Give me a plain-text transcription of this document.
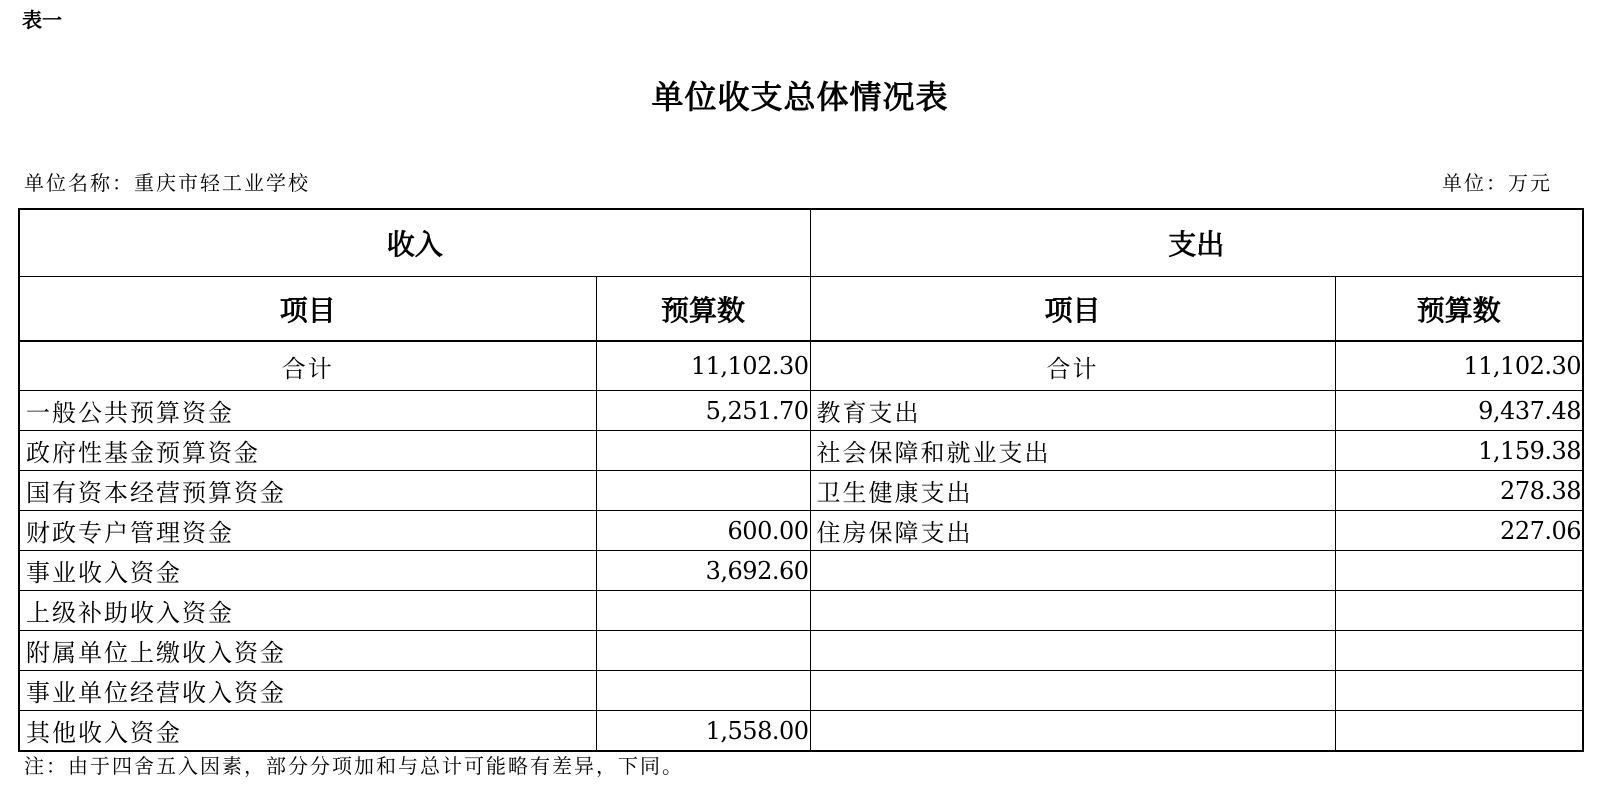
表一
单位收支总体情况表
单位名称：重庆市轻工业学校	单位：万元
收入		支出	
项目	预算数	项目	预算数
合计	11,102.30	合计	11,102.30
一般公共预算资金	5,251.70	教育支出	9,437.48
政府性基金预算资金		社会保障和就业支出	1,159.38
国有资本经营预算资金		卫生健康支出	278.38
财政专户管理资金	600.00	住房保障支出	227.06
事业收入资金	3,692.60		
上级补助收入资金			
附属单位上缴收入资金			
事业单位经营收入资金			
其他收入资金	1,558.00		
注：由于四舍五入因素，部分分项加和与总计可能略有差异，下同。
